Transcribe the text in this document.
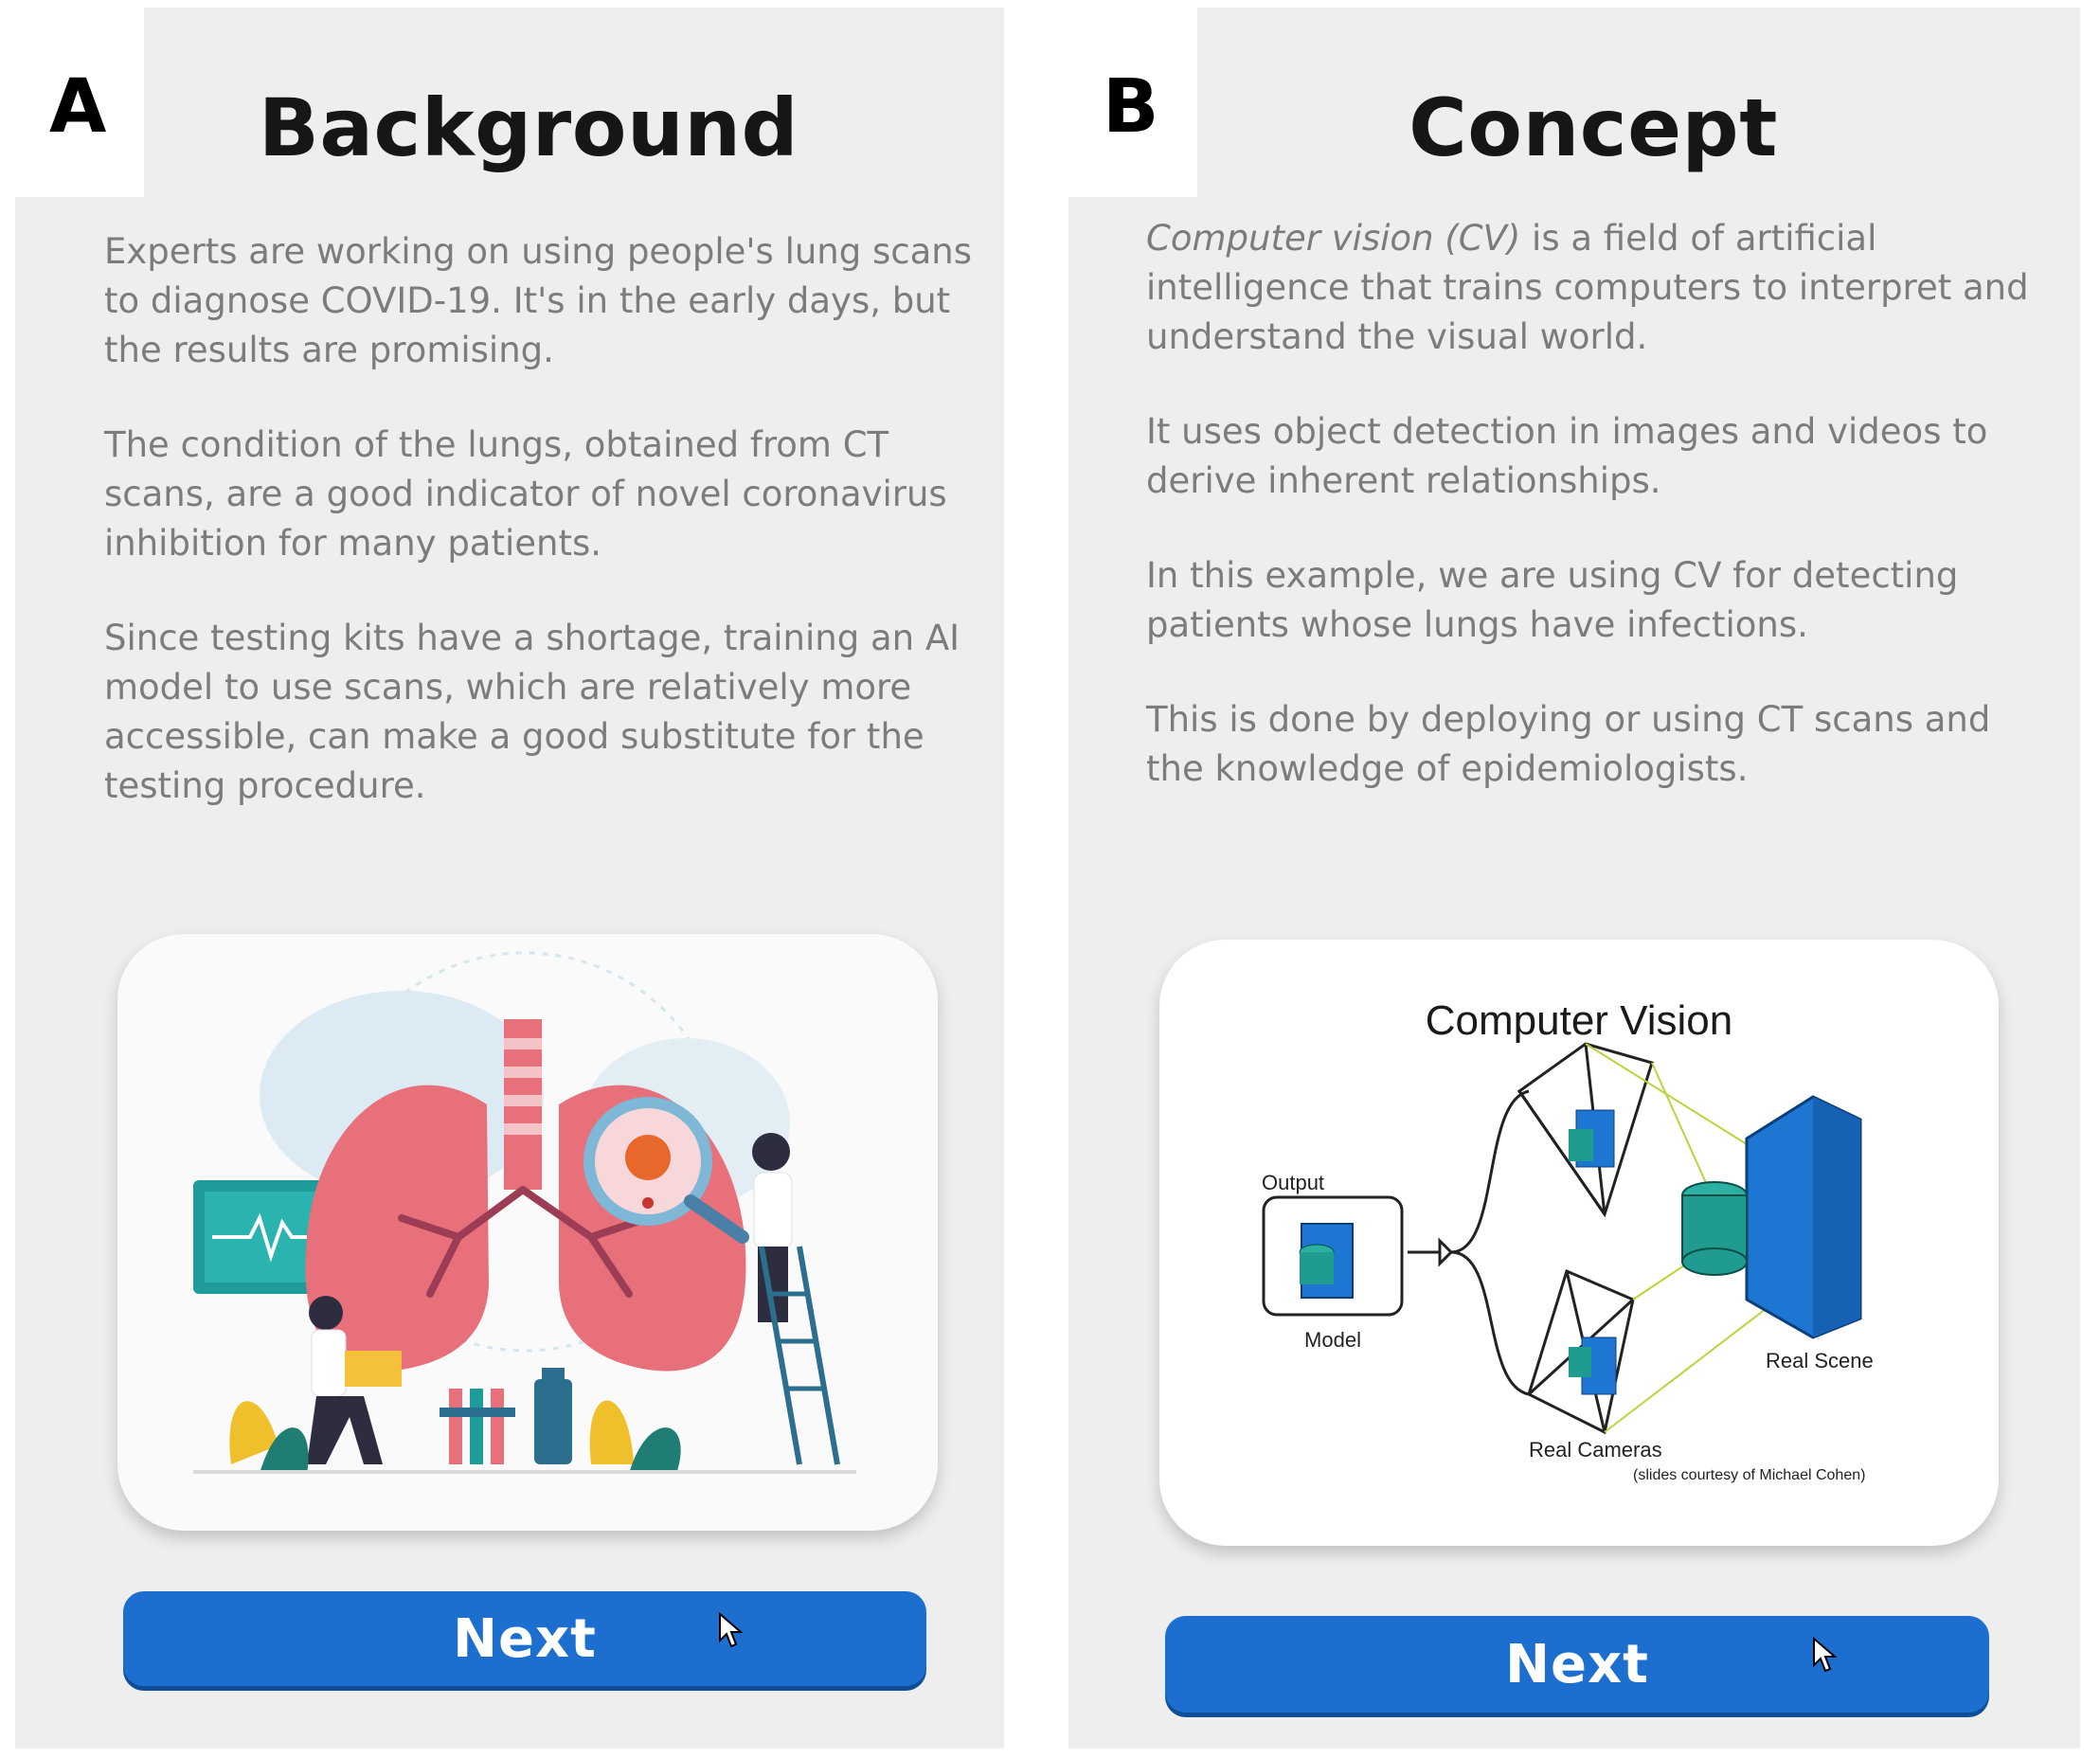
A	Background

Experts are working on using people's lung scans to diagnose COVID-19. It's in the early days, but the results are promising.

The condition of the lungs, obtained from CT scans, are a good indicator of novel coronavirus inhibition for many patients.

Since testing kits have a shortage, training an AI model to use scans, which are relatively more accessible, can make a good substitute for the testing procedure.

Next
B	Concept

Computer vision (CV) is a field of artificial intelligence that trains computers to interpret and understand the visual world.

It uses object detection in images and videos to derive inherent relationships.

In this example, we are using CV for detecting patients whose lungs have infections.

This is done by deploying or using CT scans and the knowledge of epidemiologists.

Computer Vision
Output
Model
Real Scene
Real Cameras
(slides courtesy of Michael Cohen)
Next
